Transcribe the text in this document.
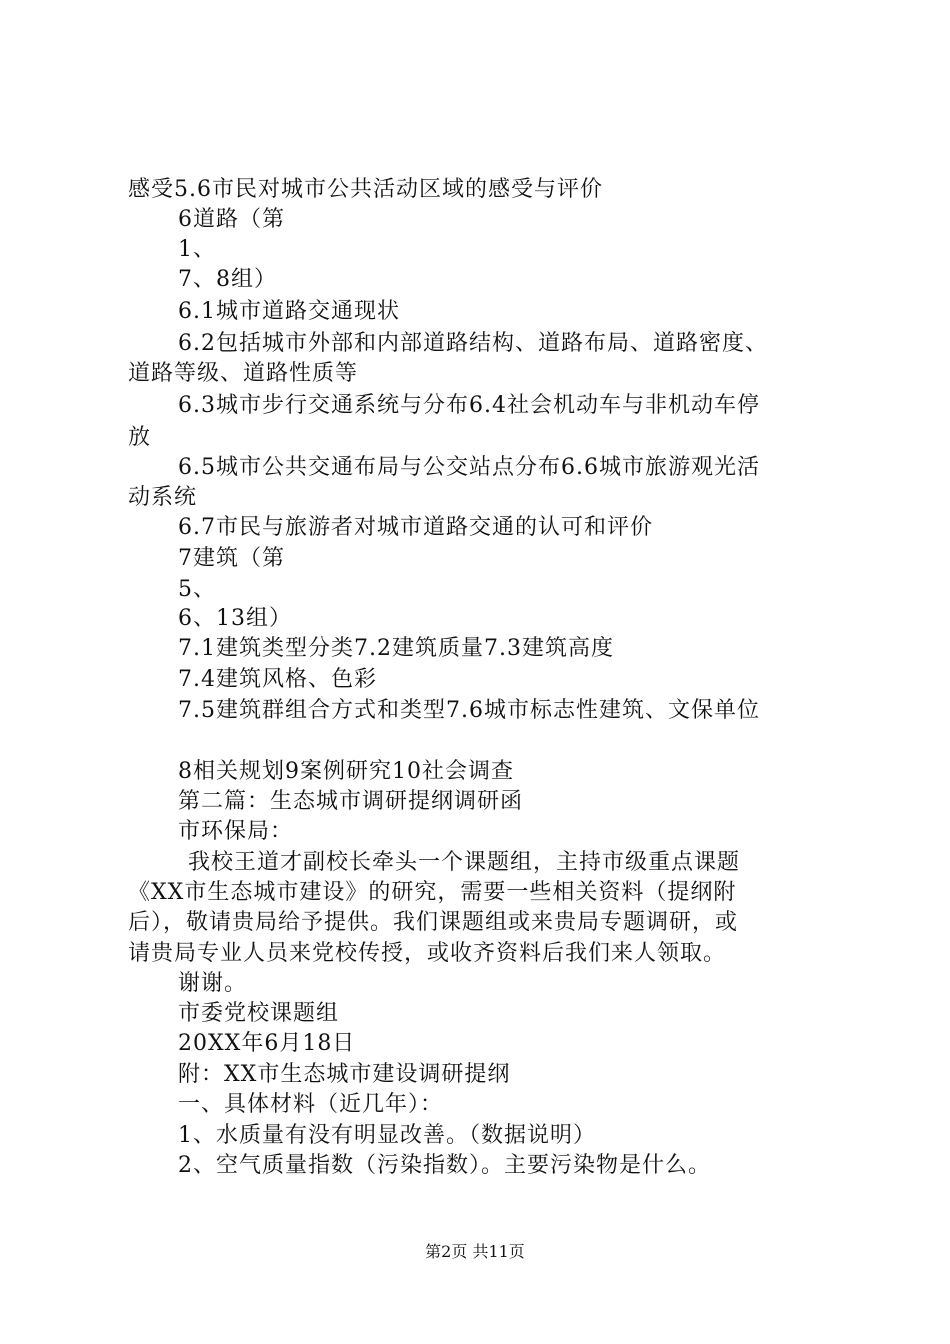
感受5.6市民对城市公共活动区域的感受与评价
6道路（第
1、
7、8组）
6.1城市道路交通现状
6.2包括城市外部和内部道路结构、道路布局、道路密度、
道路等级、道路性质等
6.3城市步行交通系统与分布6.4社会机动车与非机动车停
放
6.5城市公共交通布局与公交站点分布6.6城市旅游观光活
动系统
6.7市民与旅游者对城市道路交通的认可和评价
7建筑（第
5、
6、13组）
7.1建筑类型分类7.2建筑质量7.3建筑高度
7.4建筑风格、色彩
7.5建筑群组合方式和类型7.6城市标志性建筑、文保单位
8相关规划9案例研究10社会调查
第二篇：生态城市调研提纲调研函
市环保局：
我校王道才副校长牵头一个课题组，主持市级重点课题
《XX市生态城市建设》的研究，需要一些相关资料（提纲附
后），敬请贵局给予提供。我们课题组或来贵局专题调研，或
请贵局专业人员来党校传授，或收齐资料后我们来人领取。
谢谢。
市委党校课题组
20XX年6月18日
附：XX市生态城市建设调研提纲
一、具体材料（近几年）：
1、水质量有没有明显改善。（数据说明）
2、空气质量指数（污染指数）。主要污染物是什么。
第2页 共11页
